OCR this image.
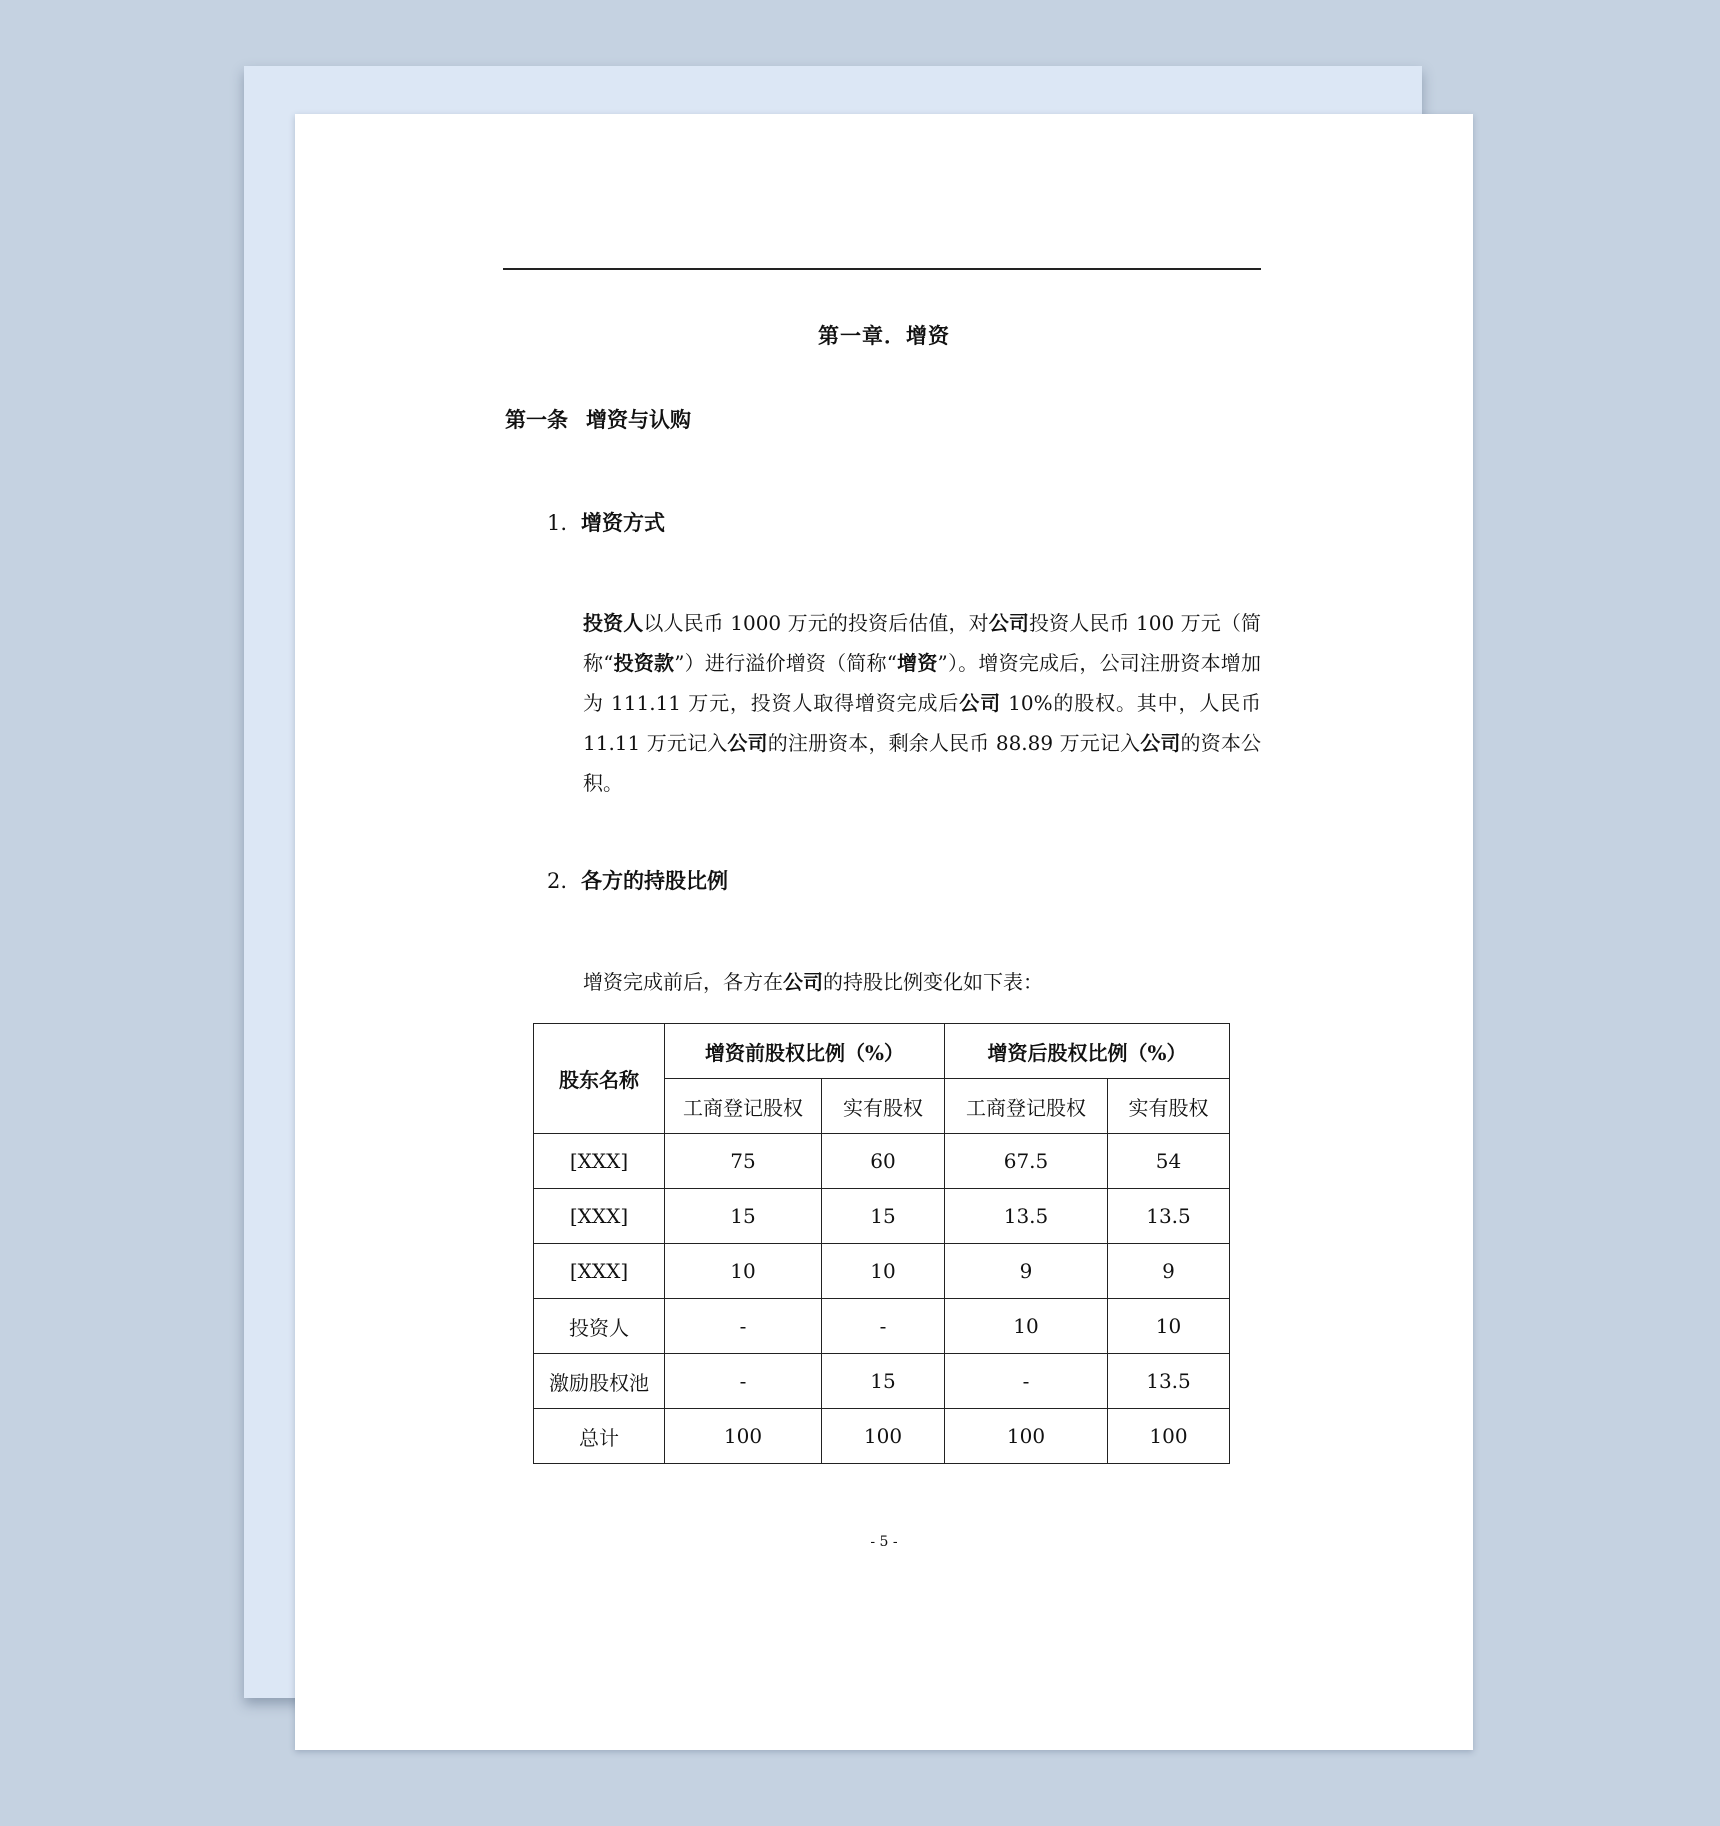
第一章．增资
第一条 增资与认购
1. 增资方式
投资人以人民币 1000 万元的投资后估值，对公司投资人民币 100 万元（简称“投资款”）进行溢价增资（简称“增资”）。增资完成后，公司注册资本增加为 111.11 万元，投资人取得增资完成后公司 10%的股权。其中，人民币 11.11 万元记入公司的注册资本，剩余人民币 88.89 万元记入公司的资本公积。
2. 各方的持股比例
增资完成前后，各方在公司的持股比例变化如下表：
股东名称	增资前股权比例（%）		增资后股权比例（%）	
	工商登记股权	实有股权	工商登记股权	实有股权
[XXX]	75	60	67.5	54
[XXX]	15	15	13.5	13.5
[XXX]	10	10	9	9
投资人	-	-	10	10
激励股权池	-	15	-	13.5
总计	100	100	100	100
- 5 -
